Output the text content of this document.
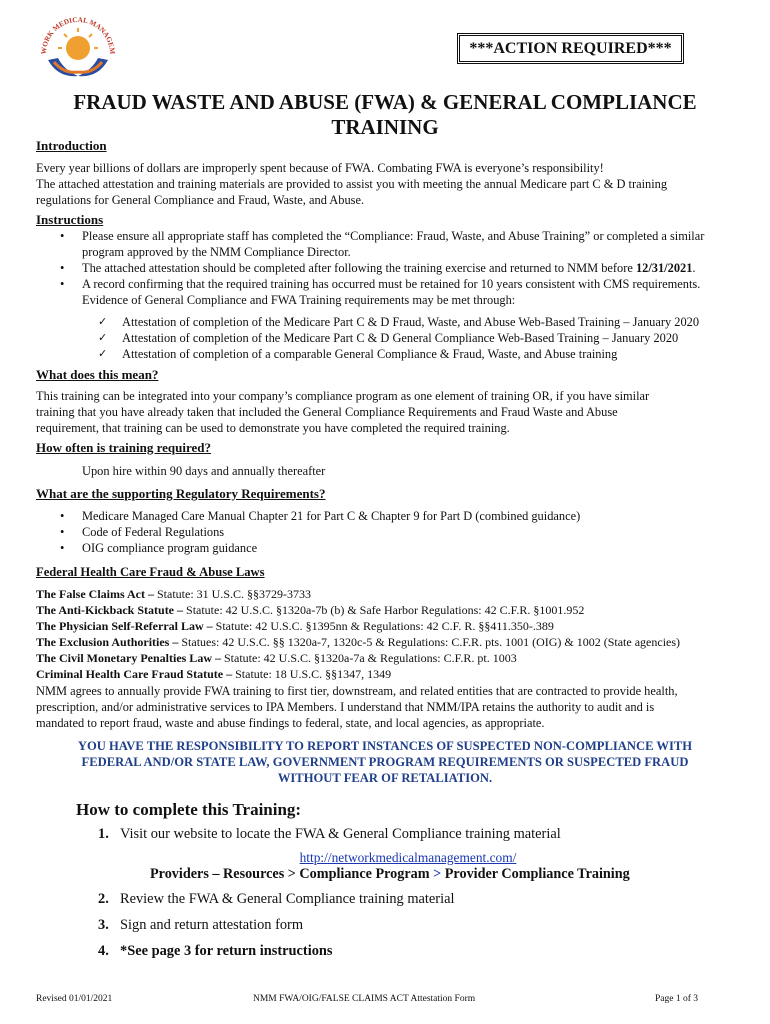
WORK MEDICAL MANAGEM	***ACTION REQUIRED***
FRAUD WASTE AND ABUSE (FWA) & GENERAL COMPLIANCE
TRAINING
Introduction
Every year billions of dollars are improperly spent because of FWA. Combating FWA is everyone’s responsibility!
The attached attestation and training materials are provided to assist you with meeting the annual Medicare part C & D training
regulations for General Compliance and Fraud, Waste, and Abuse.
Instructions
• Please ensure all appropriate staff has completed the “Compliance: Fraud, Waste, and Abuse Training” or completed a similar
program approved by the NMM Compliance Director.
• The attached attestation should be completed after following the training exercise and returned to NMM before 12/31/2021.
• A record confirming that the required training has occurred must be retained for 10 years consistent with CMS requirements.
Evidence of General Compliance and FWA Training requirements may be met through:
✓ Attestation of completion of the Medicare Part C & D Fraud, Waste, and Abuse Web-Based Training – January 2020
✓ Attestation of completion of the Medicare Part C & D General Compliance Web-Based Training – January 2020
✓ Attestation of completion of a comparable General Compliance & Fraud, Waste, and Abuse training
What does this mean?
This training can be integrated into your company’s compliance program as one element of training OR, if you have similar
training that you have already taken that included the General Compliance Requirements and Fraud Waste and Abuse
requirement, that training can be used to demonstrate you have completed the required training.
How often is training required?
Upon hire within 90 days and annually thereafter
What are the supporting Regulatory Requirements?
• Medicare Managed Care Manual Chapter 21 for Part C & Chapter 9 for Part D (combined guidance)
• Code of Federal Regulations
• OIG compliance program guidance
Federal Health Care Fraud & Abuse Laws
The False Claims Act – Statute: 31 U.S.C. §§3729-3733
The Anti-Kickback Statute – Statute: 42 U.S.C. §1320a-7b (b) & Safe Harbor Regulations: 42 C.F.R. §1001.952
The Physician Self-Referral Law – Statute: 42 U.S.C. §1395nn & Regulations: 42 C.F. R. §§411.350-.389
The Exclusion Authorities – Statues: 42 U.S.C. §§ 1320a-7, 1320c-5 & Regulations: C.F.R. pts. 1001 (OIG) & 1002 (State agencies)
The Civil Monetary Penalties Law – Statute: 42 U.S.C. §1320a-7a & Regulations: C.F.R. pt. 1003
Criminal Health Care Fraud Statute – Statute: 18 U.S.C. §§1347, 1349
NMM agrees to annually provide FWA training to first tier, downstream, and related entities that are contracted to provide health,
prescription, and/or administrative services to IPA Members. I understand that NMM/IPA retains the authority to audit and is
mandated to report fraud, waste and abuse findings to federal, state, and local agencies, as appropriate.
YOU HAVE THE RESPONSIBILITY TO REPORT INSTANCES OF SUSPECTED NON-COMPLIANCE WITH
FEDERAL AND/OR STATE LAW, GOVERNMENT PROGRAM REQUIREMENTS OR SUSPECTED FRAUD
WITHOUT FEAR OF RETALIATION.
How to complete this Training:
1. Visit our website to locate the FWA & General Compliance training material
http://networkmedicalmanagement.com/
Providers – Resources > Compliance Program > Provider Compliance Training
2. Review the FWA & General Compliance training material
3. Sign and return attestation form
4. *See page 3 for return instructions
Revised 01/01/2021	NMM FWA/OIG/FALSE CLAIMS ACT Attestation Form	Page 1 of 3
